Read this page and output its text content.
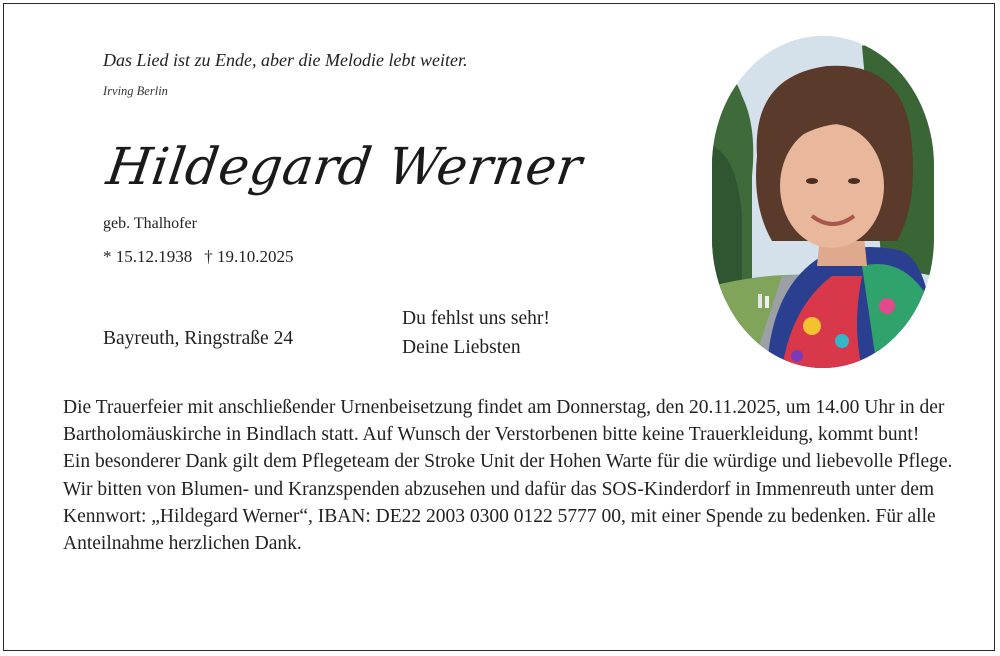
Das Lied ist zu Ende, aber die Melodie lebt weiter.
Irving Berlin
Hildegard Werner
geb. Thalhofer
* 15.12.1938 † 19.10.2025
Bayreuth, Ringstraße 24
Du fehlst uns sehr!
Deine Liebsten

Die Trauerfeier mit anschließender Urnenbeisetzung findet am Donnerstag, den 20.11.2025, um 14.00 Uhr in der Bartholomäuskirche in Bindlach statt. Auf Wunsch der Verstorbenen bitte keine Trauerkleidung, kommt bunt!

Ein besonderer Dank gilt dem Pflegeteam der Stroke Unit der Hohen Warte für die würdige und liebevolle Pflege.

Wir bitten von Blumen- und Kranzspenden abzusehen und dafür das SOS-Kinderdorf in Immenreuth unter dem Kennwort: „Hildegard Werner“, IBAN: DE22 2003 0300 0122 5777 00, mit einer Spende zu bedenken. Für alle Anteilnahme herzlichen Dank.
